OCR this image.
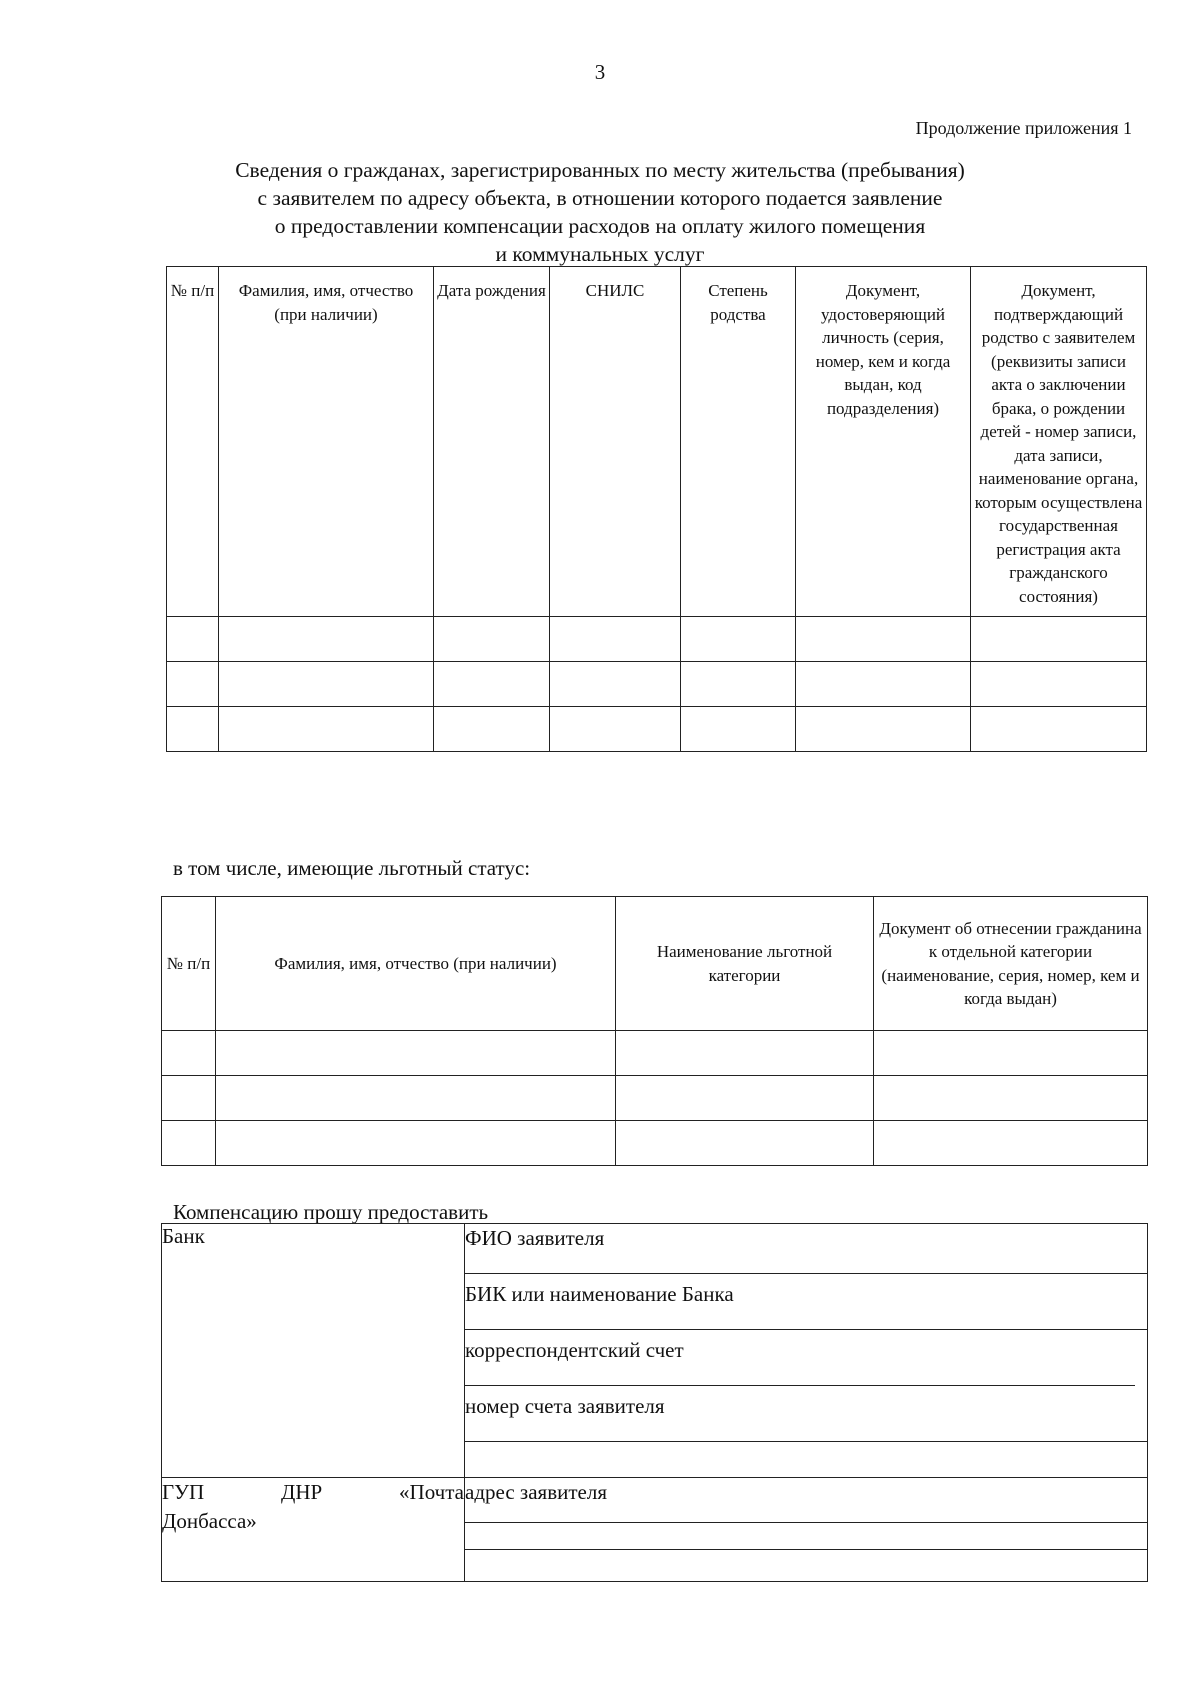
3
Продолжение приложения 1
Сведения о гражданах, зарегистрированных по месту жительства (пребывания)
с заявителем по адресу объекта, в отношении которого подается заявление
о предоставлении компенсации расходов на оплату жилого помещения
и коммунальных услуг
№ п/п	Фамилия, имя, отчество (при наличии)	Дата рождения	СНИЛС	Степень родства	Документ, удостоверяющий личность (серия, номер, кем и когда выдан, код подразделения)	Документ, подтверждающий родство с заявителем (реквизиты записи акта о заключении брака, о рождении детей - номер записи, дата записи, наименование органа, которым осуществлена государственная регистрация акта гражданского состояния)

в том числе, имеющие льготный статус:
№ п/п	Фамилия, имя, отчество (при наличии)	Наименование льготной категории	Документ об отнесении гражданина к отдельной категории (наименование, серия, номер, кем и когда выдан)

Компенсацию прошу предоставить
Банк	ФИО заявителя
БИК или наименование Банка
корреспондентский счет
номер счета заявителя

ГУП ДНР «Почта
Донбасса»	адрес заявителя
